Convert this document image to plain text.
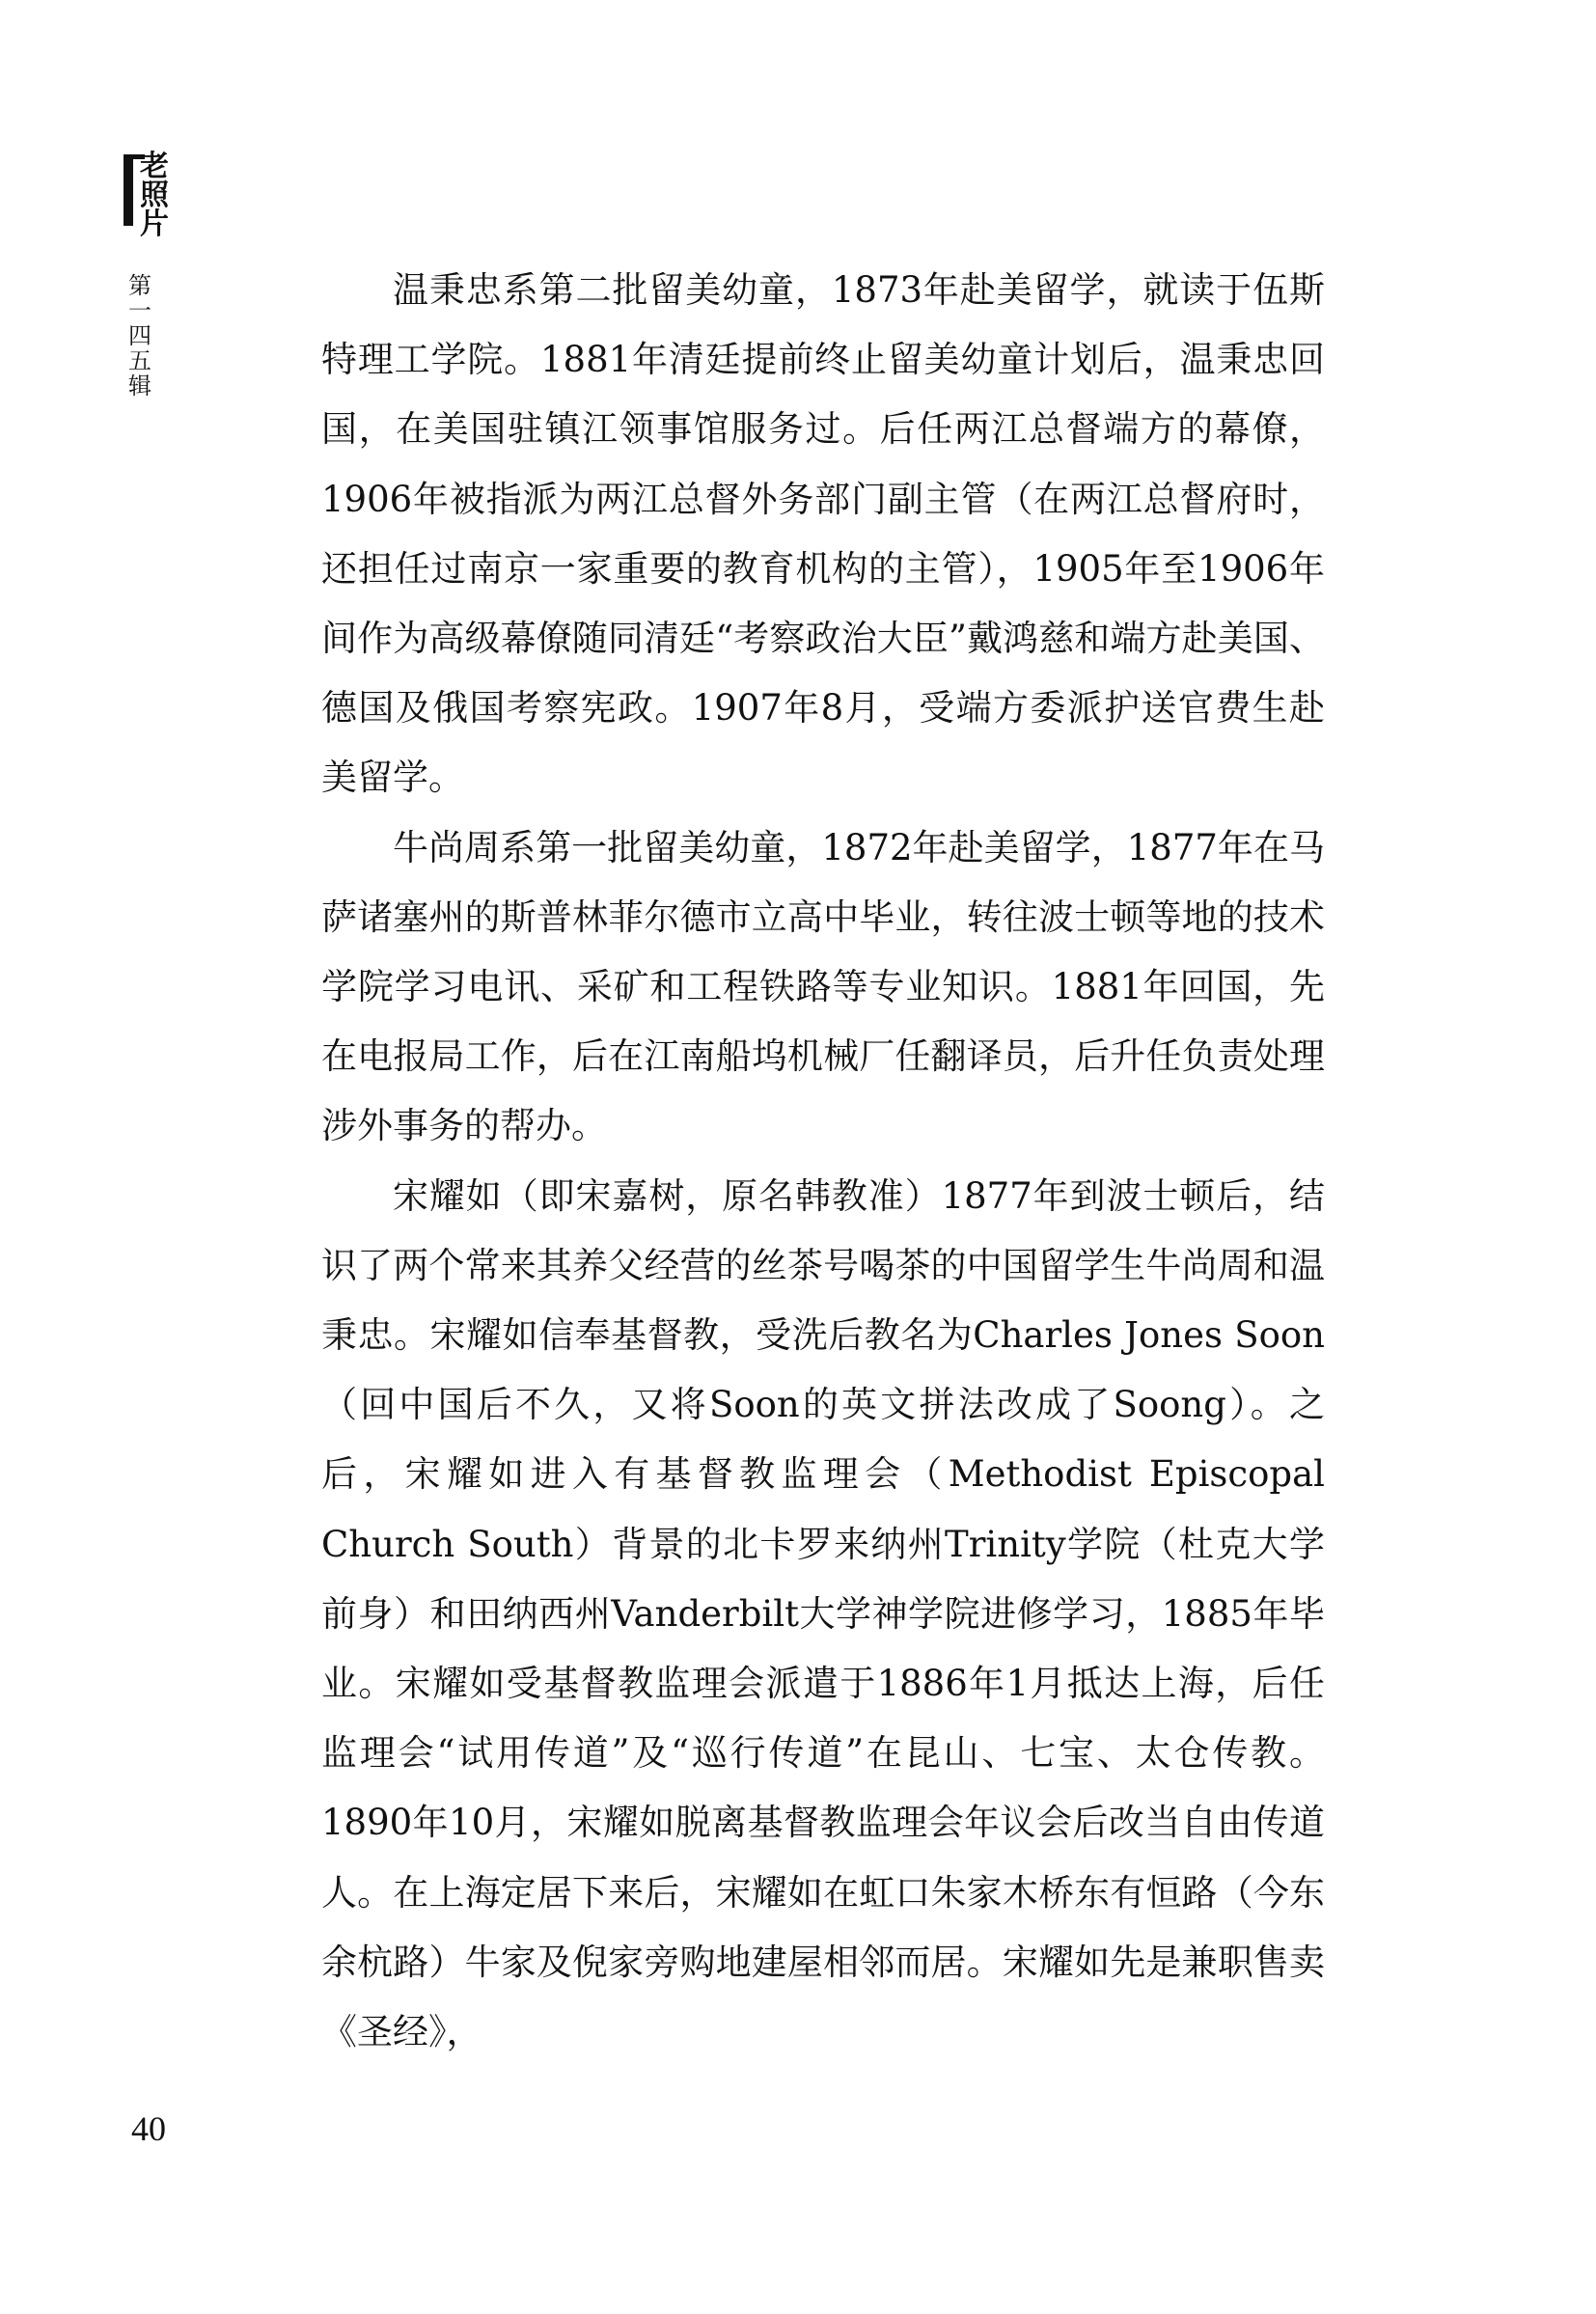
老照片
第一四五辑

温秉忠系第二批留美幼童，1873年赴美留学，就读于伍斯特理工学院。1881年清廷提前终止留美幼童计划后，温秉忠回国，在美国驻镇江领事馆服务过。后任两江总督端方的幕僚，1906年被指派为两江总督外务部门副主管（在两江总督府时，还担任过南京一家重要的教育机构的主管），1905年至1906年间作为高级幕僚随同清廷“考察政治大臣”戴鸿慈和端方赴美国、德国及俄国考察宪政。1907年8月，受端方委派护送官费生赴美留学。

牛尚周系第一批留美幼童，1872年赴美留学，1877年在马萨诸塞州的斯普林菲尔德市立高中毕业，转往波士顿等地的技术学院学习电讯、采矿和工程铁路等专业知识。1881年回国，先在电报局工作，后在江南船坞机械厂任翻译员，后升任负责处理涉外事务的帮办。

宋耀如（即宋嘉树，原名韩教准）1877年到波士顿后，结识了两个常来其养父经营的丝茶号喝茶的中国留学生牛尚周和温秉忠。宋耀如信奉基督教，受洗后教名为Charles Jones Soon（回中国后不久，又将Soon的英文拼法改成了Soong）。之后，宋耀如进入有基督教监理会（Methodist Episcopal Church South）背景的北卡罗来纳州Trinity学院（杜克大学前身）和田纳西州Vanderbilt大学神学院进修学习，1885年毕业。宋耀如受基督教监理会派遣于1886年1月抵达上海，后任监理会“试用传道”及“巡行传道”在昆山、七宝、太仓传教。1890年10月，宋耀如脱离基督教监理会年议会后改当自由传道人。在上海定居下来后，宋耀如在虹口朱家木桥东有恒路（今东余杭路）牛家及倪家旁购地建屋相邻而居。宋耀如先是兼职售卖《圣经》，

40
